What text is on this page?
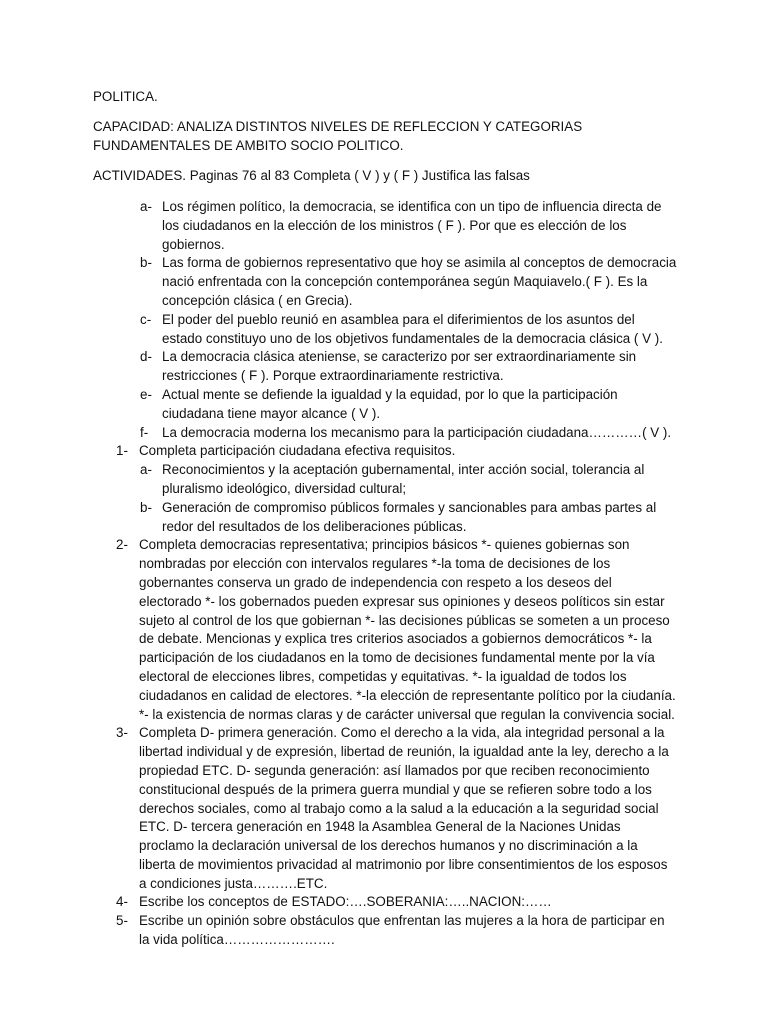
POLITICA.

CAPACIDAD: ANALIZA DISTINTOS NIVELES DE REFLECCION Y CATEGORIAS FUNDAMENTALES DE AMBITO SOCIO POLITICO.

ACTIVIDADES. Paginas 76 al 83 Completa ( V ) y ( F ) Justifica las falsas

a- Los régimen político, la democracia, se identifica con un tipo de influencia directa de los ciudadanos en la elección de los ministros ( F ). Por que es elección de los gobiernos.
b- Las forma de gobiernos representativo que hoy se asimila al conceptos de democracia nació enfrentada con la concepción contemporánea según Maquiavelo.( F ). Es la concepción clásica ( en Grecia).
c- El poder del pueblo reunió en asamblea para el diferimientos de los asuntos del estado constituyo uno de los objetivos fundamentales de la democracia clásica ( V ).
d- La democracia clásica ateniense, se caracterizo por ser extraordinariamente sin restricciones ( F ). Porque extraordinariamente restrictiva.
e- Actual mente se defiende la igualdad y la equidad, por lo que la participación ciudadana tiene mayor alcance ( V ).
f- La democracia moderna los mecanismo para la participación ciudadana…………( V ).
1- Completa participación ciudadana efectiva requisitos.
a- Reconocimientos y la aceptación gubernamental, inter acción social, tolerancia al pluralismo ideológico, diversidad cultural;
b- Generación de compromiso públicos formales y sancionables para ambas partes al redor del resultados de los deliberaciones públicas.
2- Completa democracias representativa; principios básicos *- quienes gobiernas son nombradas por elección con intervalos regulares *-la toma de decisiones de los gobernantes conserva un grado de independencia con respeto a los deseos del electorado *- los gobernados pueden expresar sus opiniones y deseos políticos sin estar sujeto al control de los que gobiernan *- las decisiones públicas se someten a un proceso de debate. Mencionas y explica tres criterios asociados a gobiernos democráticos *- la participación de los ciudadanos en la tomo de decisiones fundamental mente por la vía electoral de elecciones libres, competidas y equitativas. *- la igualdad de todos los ciudadanos en calidad de electores. *-la elección de representante político por la ciudanía. *- la existencia de normas claras y de carácter universal que regulan la convivencia social.
3- Completa D- primera generación. Como el derecho a la vida, ala integridad personal a la libertad individual y de expresión, libertad de reunión, la igualdad ante la ley, derecho a la propiedad ETC. D- segunda generación: así llamados por que reciben reconocimiento constitucional después de la primera guerra mundial y que se refieren sobre todo a los derechos sociales, como al trabajo como a la salud a la educación a la seguridad social ETC. D- tercera generación en 1948 la Asamblea General de la Naciones Unidas proclamo la declaración universal de los derechos humanos y no discriminación a la liberta de movimientos privacidad al matrimonio por libre consentimientos de los esposos a condiciones justa……….ETC.
4- Escribe los conceptos de ESTADO:….SOBERANIA:…..NACION:……
5- Escribe un opinión sobre obstáculos que enfrentan las mujeres a la hora de participar en la vida política…………………….
